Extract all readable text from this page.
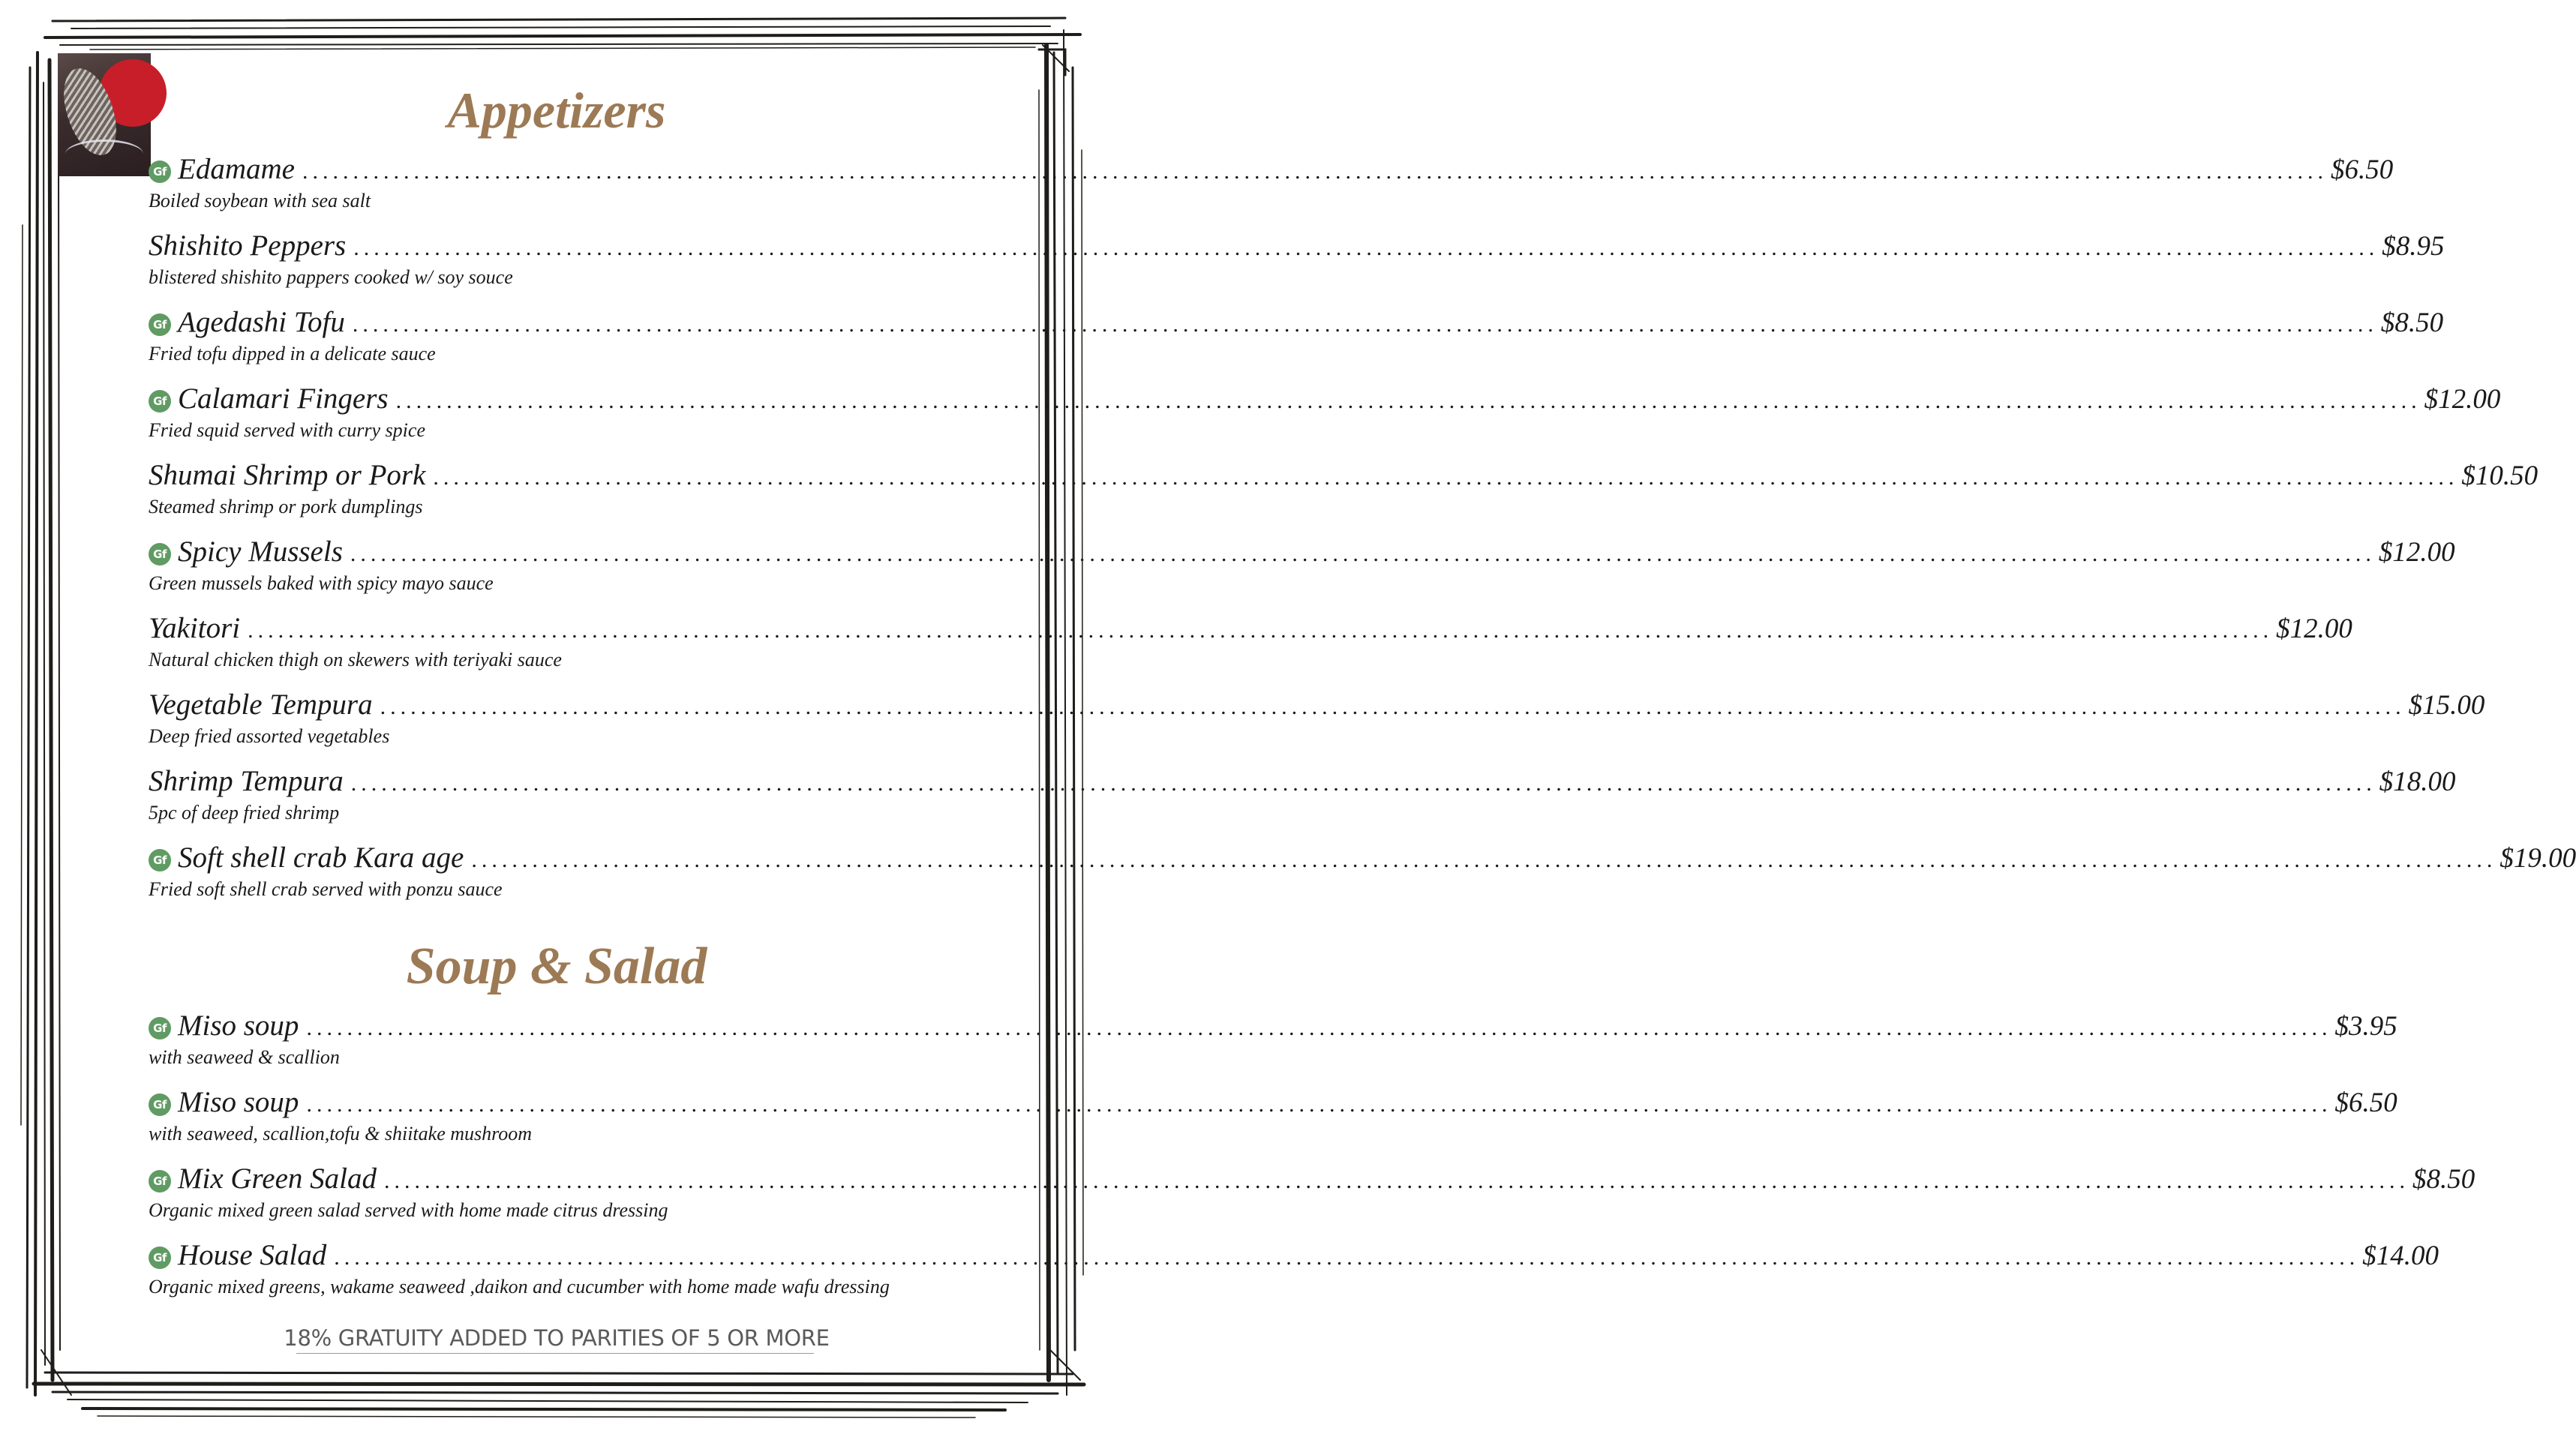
Appetizers
Soup & Salad
Gf Edamame ........................................................................................................................................................................................................ $6.50
Boiled soybean with sea salt
Shishito Peppers ........................................................................................................................................................................................................ $8.95
blistered shishito pappers cooked w/ soy souce
Gf Agedashi Tofu ........................................................................................................................................................................................................ $8.50
Fried tofu dipped in a delicate sauce
Gf Calamari Fingers ........................................................................................................................................................................................................ $12.00
Fried squid served with curry spice
Shumai Shrimp or Pork ........................................................................................................................................................................................................ $10.50
Steamed shrimp or pork dumplings
Gf Spicy Mussels ........................................................................................................................................................................................................ $12.00
Green mussels baked with spicy mayo sauce
Yakitori ........................................................................................................................................................................................................ $12.00
Natural chicken thigh on skewers with teriyaki sauce
Vegetable Tempura ........................................................................................................................................................................................................ $15.00
Deep fried assorted vegetables
Shrimp Tempura ........................................................................................................................................................................................................ $18.00
5pc of deep fried shrimp
Gf Soft shell crab Kara age ........................................................................................................................................................................................................ $19.00
Fried soft shell crab served with ponzu sauce
Gf Miso soup ........................................................................................................................................................................................................ $3.95
with seaweed & scallion
Gf Miso soup ........................................................................................................................................................................................................ $6.50
with seaweed, scallion,tofu & shiitake mushroom
Gf Mix Green Salad ........................................................................................................................................................................................................ $8.50
Organic mixed green salad served with home made citrus dressing
Gf House Salad ........................................................................................................................................................................................................ $14.00
Organic mixed greens, wakame seaweed ,daikon and cucumber with home made wafu dressing
18% GRATUITY ADDED TO PARITIES OF 5 OR MORE
